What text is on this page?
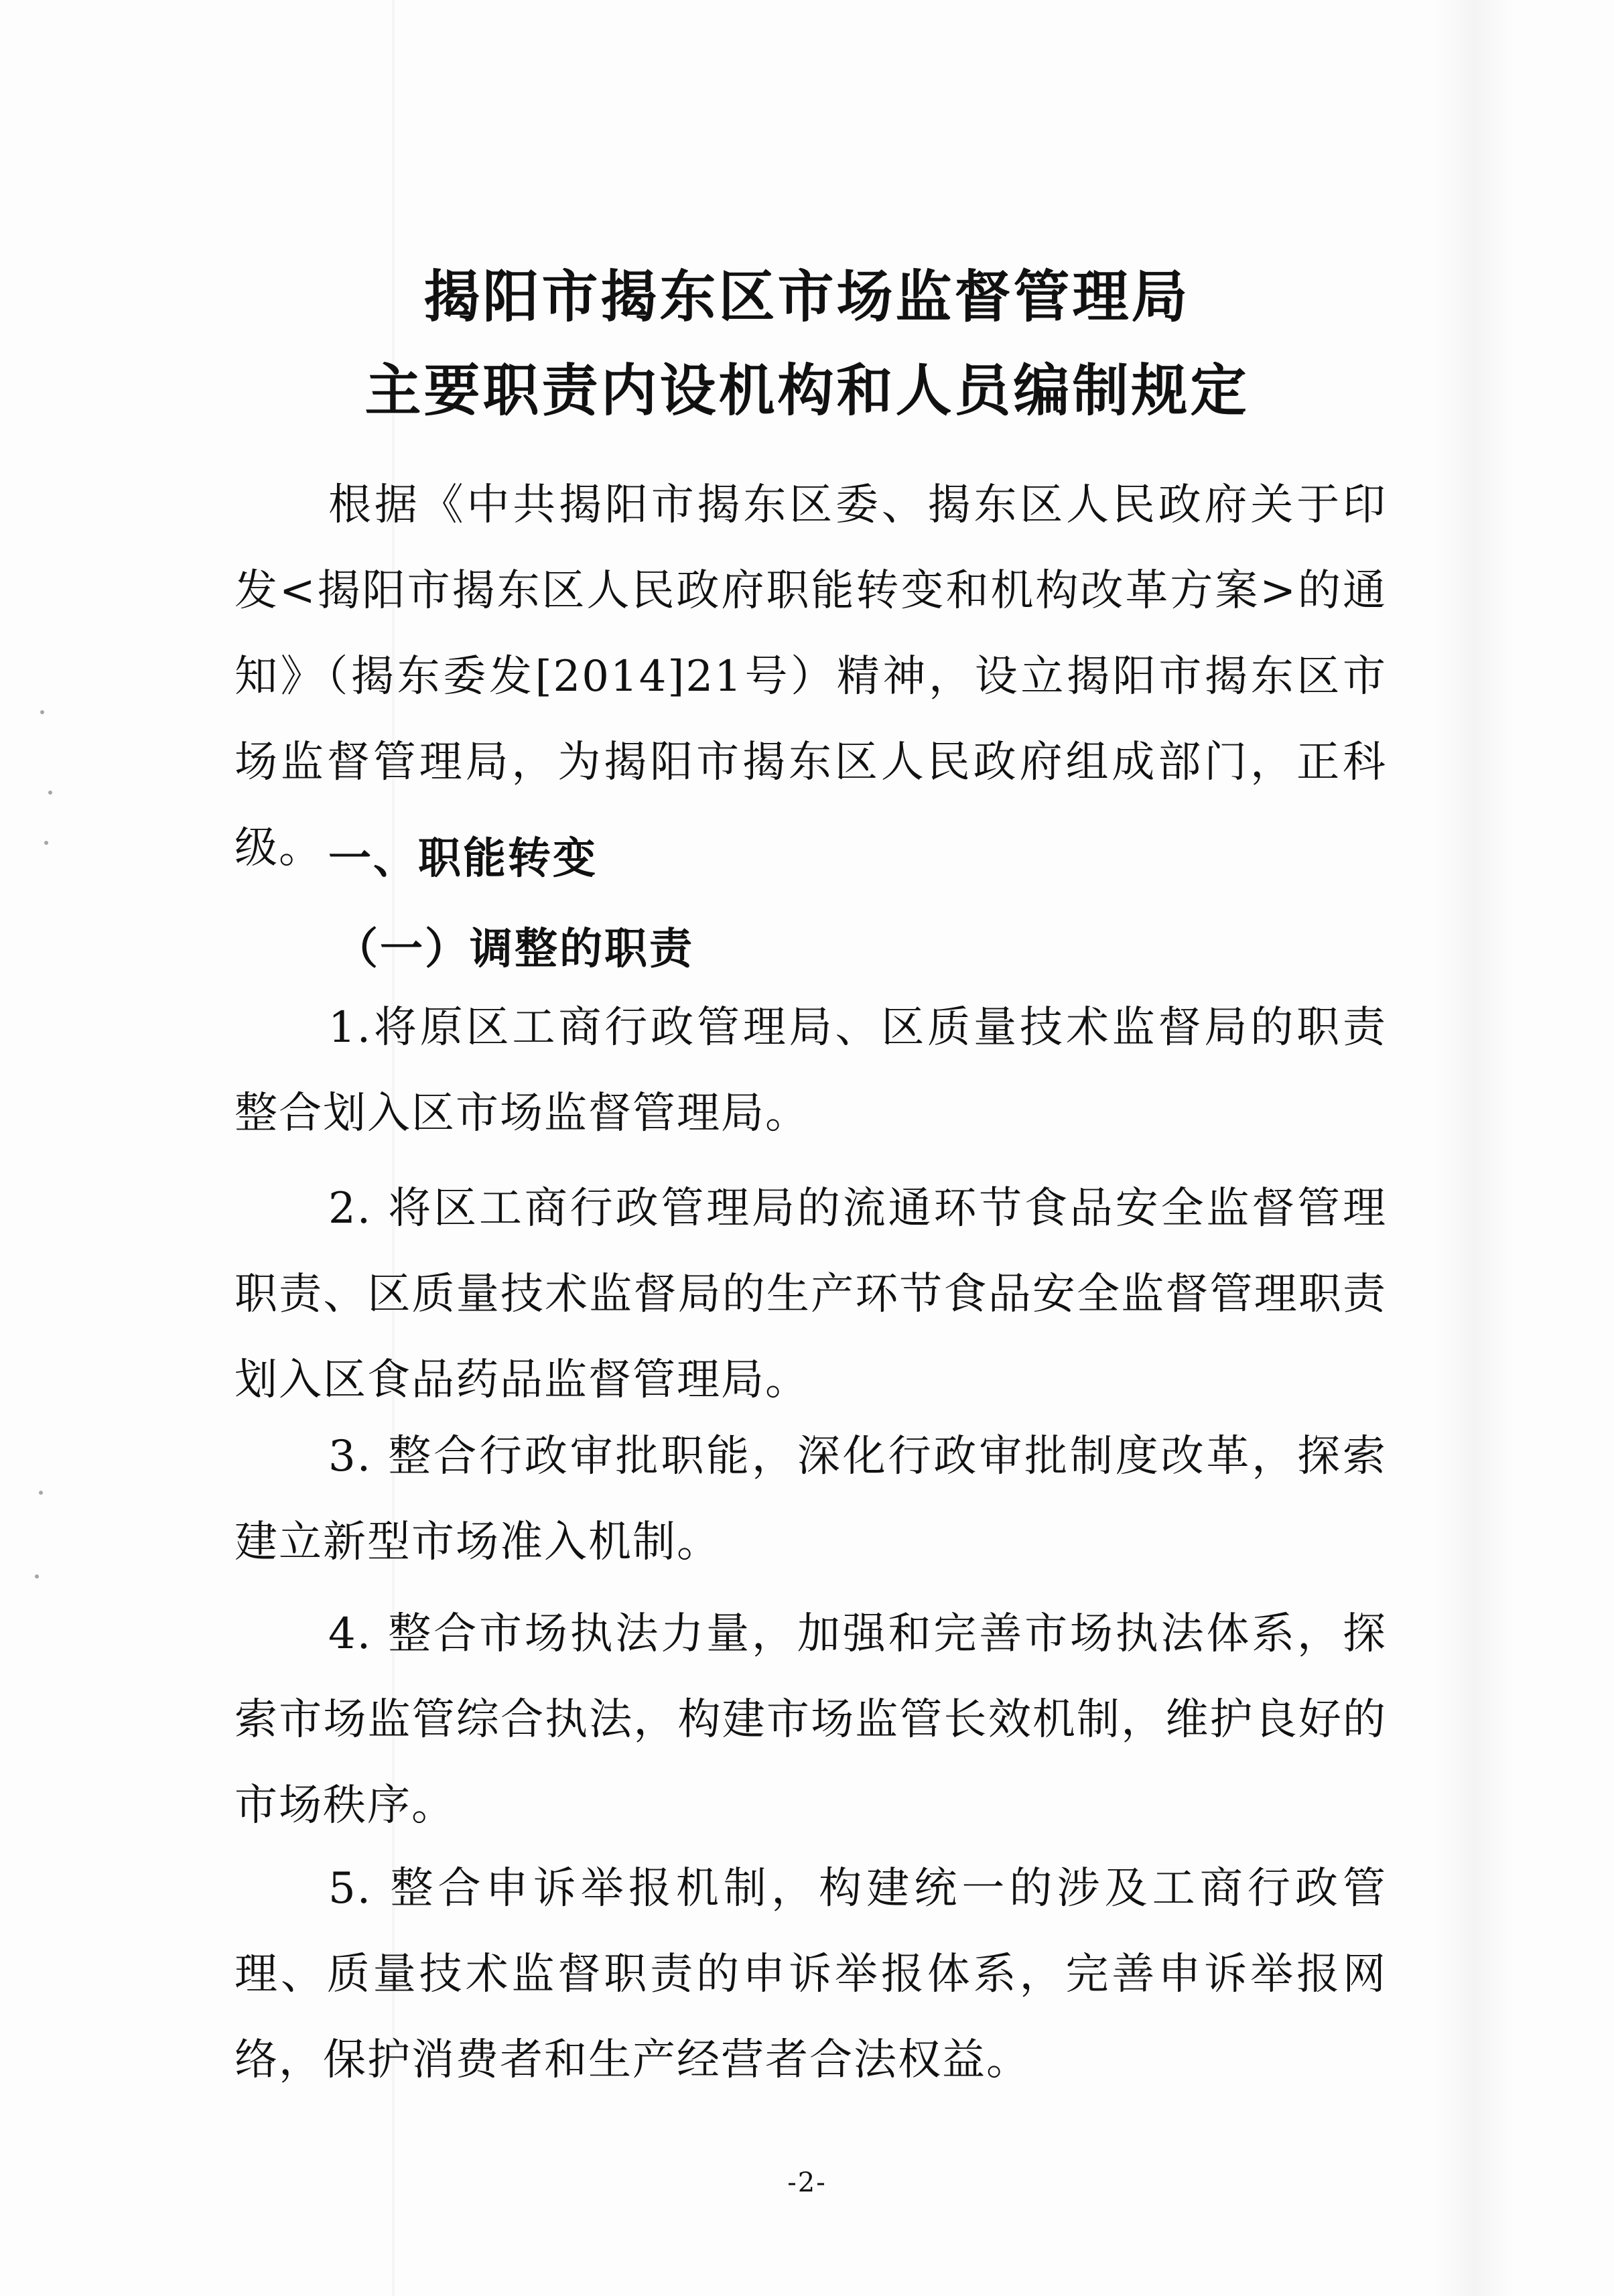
揭阳市揭东区市场监督管理局
主要职责内设机构和人员编制规定

根据《中共揭阳市揭东区委、揭东区人民政府关于印发<揭阳市揭东区人民政府职能转变和机构改革方案>的通知》（揭东委发[2014]21号）精神，设立揭阳市揭东区市场监督管理局，为揭阳市揭东区人民政府组成部门，正科级。 一、职能转变
（一）调整的职责

1.将原区工商行政管理局、区质量技术监督局的职责整合划入区市场监督管理局。

2. 将区工商行政管理局的流通环节食品安全监督管理职责、区质量技术监督局的生产环节食品安全监督管理职责划入区食品药品监督管理局。

3. 整合行政审批职能，深化行政审批制度改革，探索建立新型市场准入机制。

4. 整合市场执法力量，加强和完善市场执法体系，探索市场监管综合执法，构建市场监管长效机制，维护良好的市场秩序。

5. 整合申诉举报机制，构建统一的涉及工商行政管理、质量技术监督职责的申诉举报体系，完善申诉举报网络，保护消费者和生产经营者合法权益。

-2-
